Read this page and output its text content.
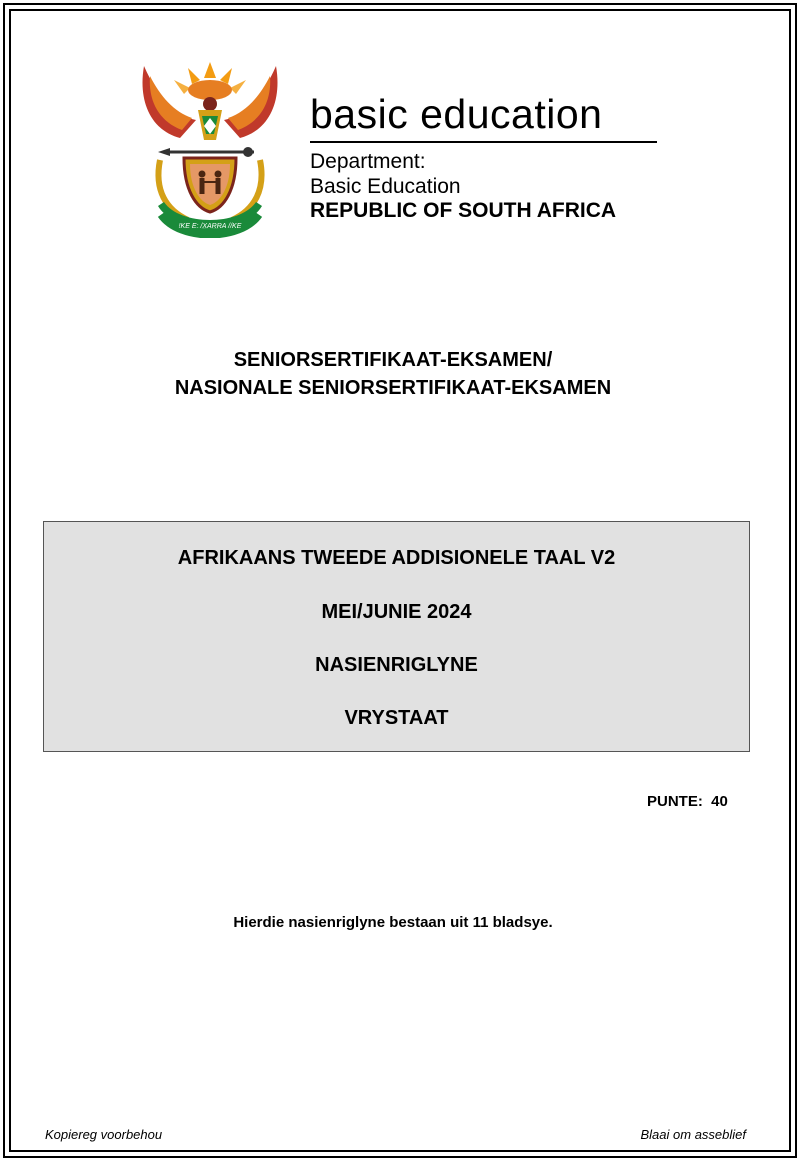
!KE E: /XARRA //KE
basic education
Department:
Basic Education
REPUBLIC OF SOUTH AFRICA
SENIORSERTIFIKAAT-EKSAMEN/
NASIONALE SENIORSERTIFIKAAT-EKSAMEN
AFRIKAANS TWEEDE ADDISIONELE TAAL V2
MEI/JUNIE 2024
NASIENRIGLYNE
VRYSTAAT
PUNTE:  40
Hierdie nasienriglyne bestaan uit 11 bladsye.
Kopiereg voorbehou	Blaai om asseblief
